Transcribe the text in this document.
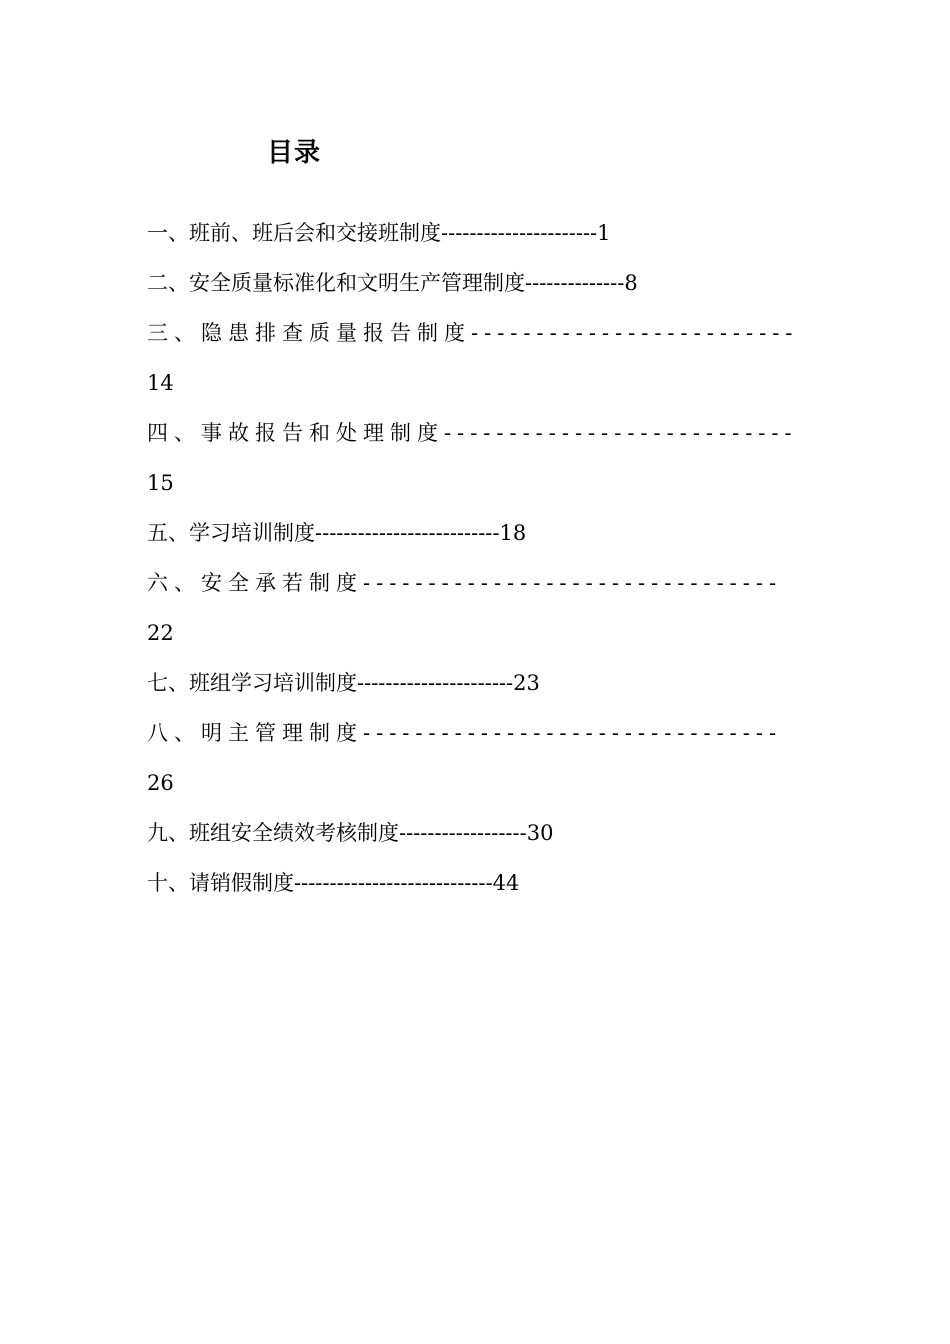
目录
一、班前、班后会和交接班制度----------------------1
二、安全质量标准化和文明生产管理制度--------------8
三、隐患排查质量报告制度-------------------------
14
四、事故报告和处理制度---------------------------
15
五、学习培训制度--------------------------18
六、安全承若制度--------------------------------
22
七、班组学习培训制度----------------------23
八、明主管理制度--------------------------------
26
九、班组安全绩效考核制度------------------30
十、请销假制度----------------------------44
